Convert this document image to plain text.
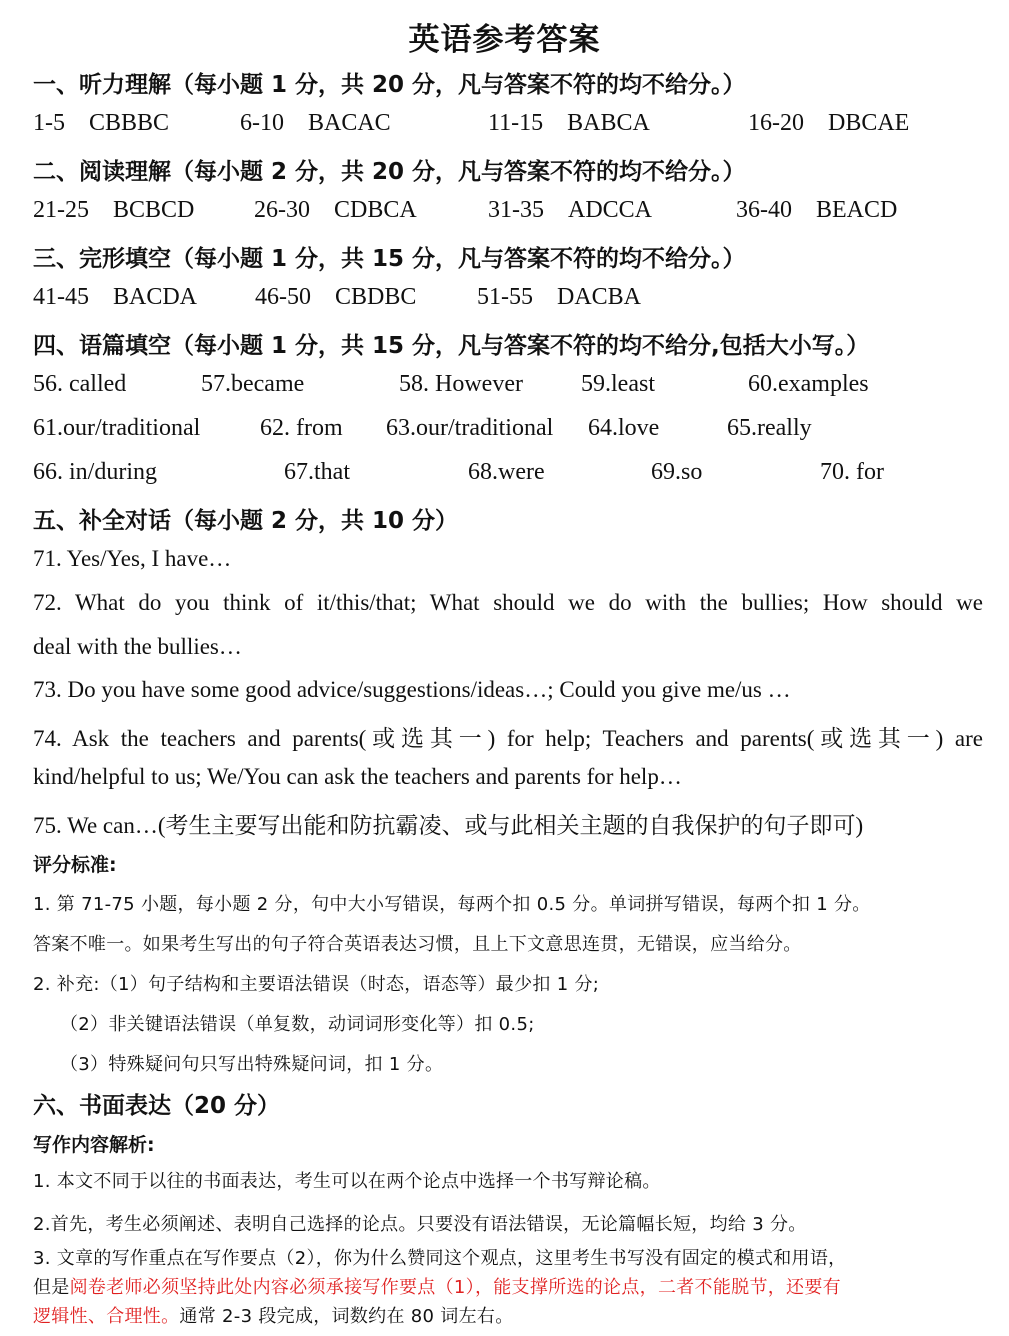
英语参考答案
一、听力理解（每小题 1 分，共 20 分，凡与答案不符的均不给分。）
1-5 CBBBC	6-10 BACAC	11-15 BABCA	16-20 DBCAE
二、阅读理解（每小题 2 分，共 20 分，凡与答案不符的均不给分。）
21-25 BCBCD 26-30 CDBCA	31-35 ADCCA	36-40 BEACD
三、完形填空（每小题 1 分，共 15 分，凡与答案不符的均不给分。）
41-45 BACDA 46-50 CBDBC	51-55 DACBA
四、语篇填空（每小题 1 分，共 15 分，凡与答案不符的均不给分,包括大小写。）
56. called	57.became	58. However 59.least	60.examples
61.our/traditional 62. from 63.our/traditional 64.love	65.really
66. in/during	67.that	68.were	69.so	70. for
五、补全对话（每小题 2 分，共 10 分）
71. Yes/Yes, I have…
72. What do you think of it/this/that; What should we do with the bullies; How should we
deal with the bullies…
73. Do you have some good advice/suggestions/ideas…; Could you give me/us …
74. Ask the teachers and parents(或选其一) for help; Teachers and parents(或选其一) are
kind/helpful to us; We/You can ask the teachers and parents for help…
75. We can…(考生主要写出能和防抗霸凌、或与此相关主题的自我保护的句子即可)
评分标准:
1. 第 71-75 小题，每小题 2 分，句中大小写错误，每两个扣 0.5 分。单词拼写错误，每两个扣 1 分。
答案不唯一。如果考生写出的句子符合英语表达习惯，且上下文意思连贯，无错误，应当给分。
2. 补充:（1）句子结构和主要语法错误（时态，语态等）最少扣 1 分;
（2）非关键语法错误（单复数，动词词形变化等）扣 0.5;
（3）特殊疑问句只写出特殊疑问词，扣 1 分。
六、书面表达（20 分）
写作内容解析:
1. 本文不同于以往的书面表达，考生可以在两个论点中选择一个书写辩论稿。
2.首先，考生必须阐述、表明自己选择的论点。只要没有语法错误，无论篇幅长短，均给 3 分。
3. 文章的写作重点在写作要点（2），你为什么赞同这个观点，这里考生书写没有固定的模式和用语，
但是阅卷老师必须坚持此处内容必须承接写作要点（1），能支撑所选的论点，二者不能脱节，还要有
逻辑性、合理性。通常 2-3 段完成，词数约在 80 词左右。
